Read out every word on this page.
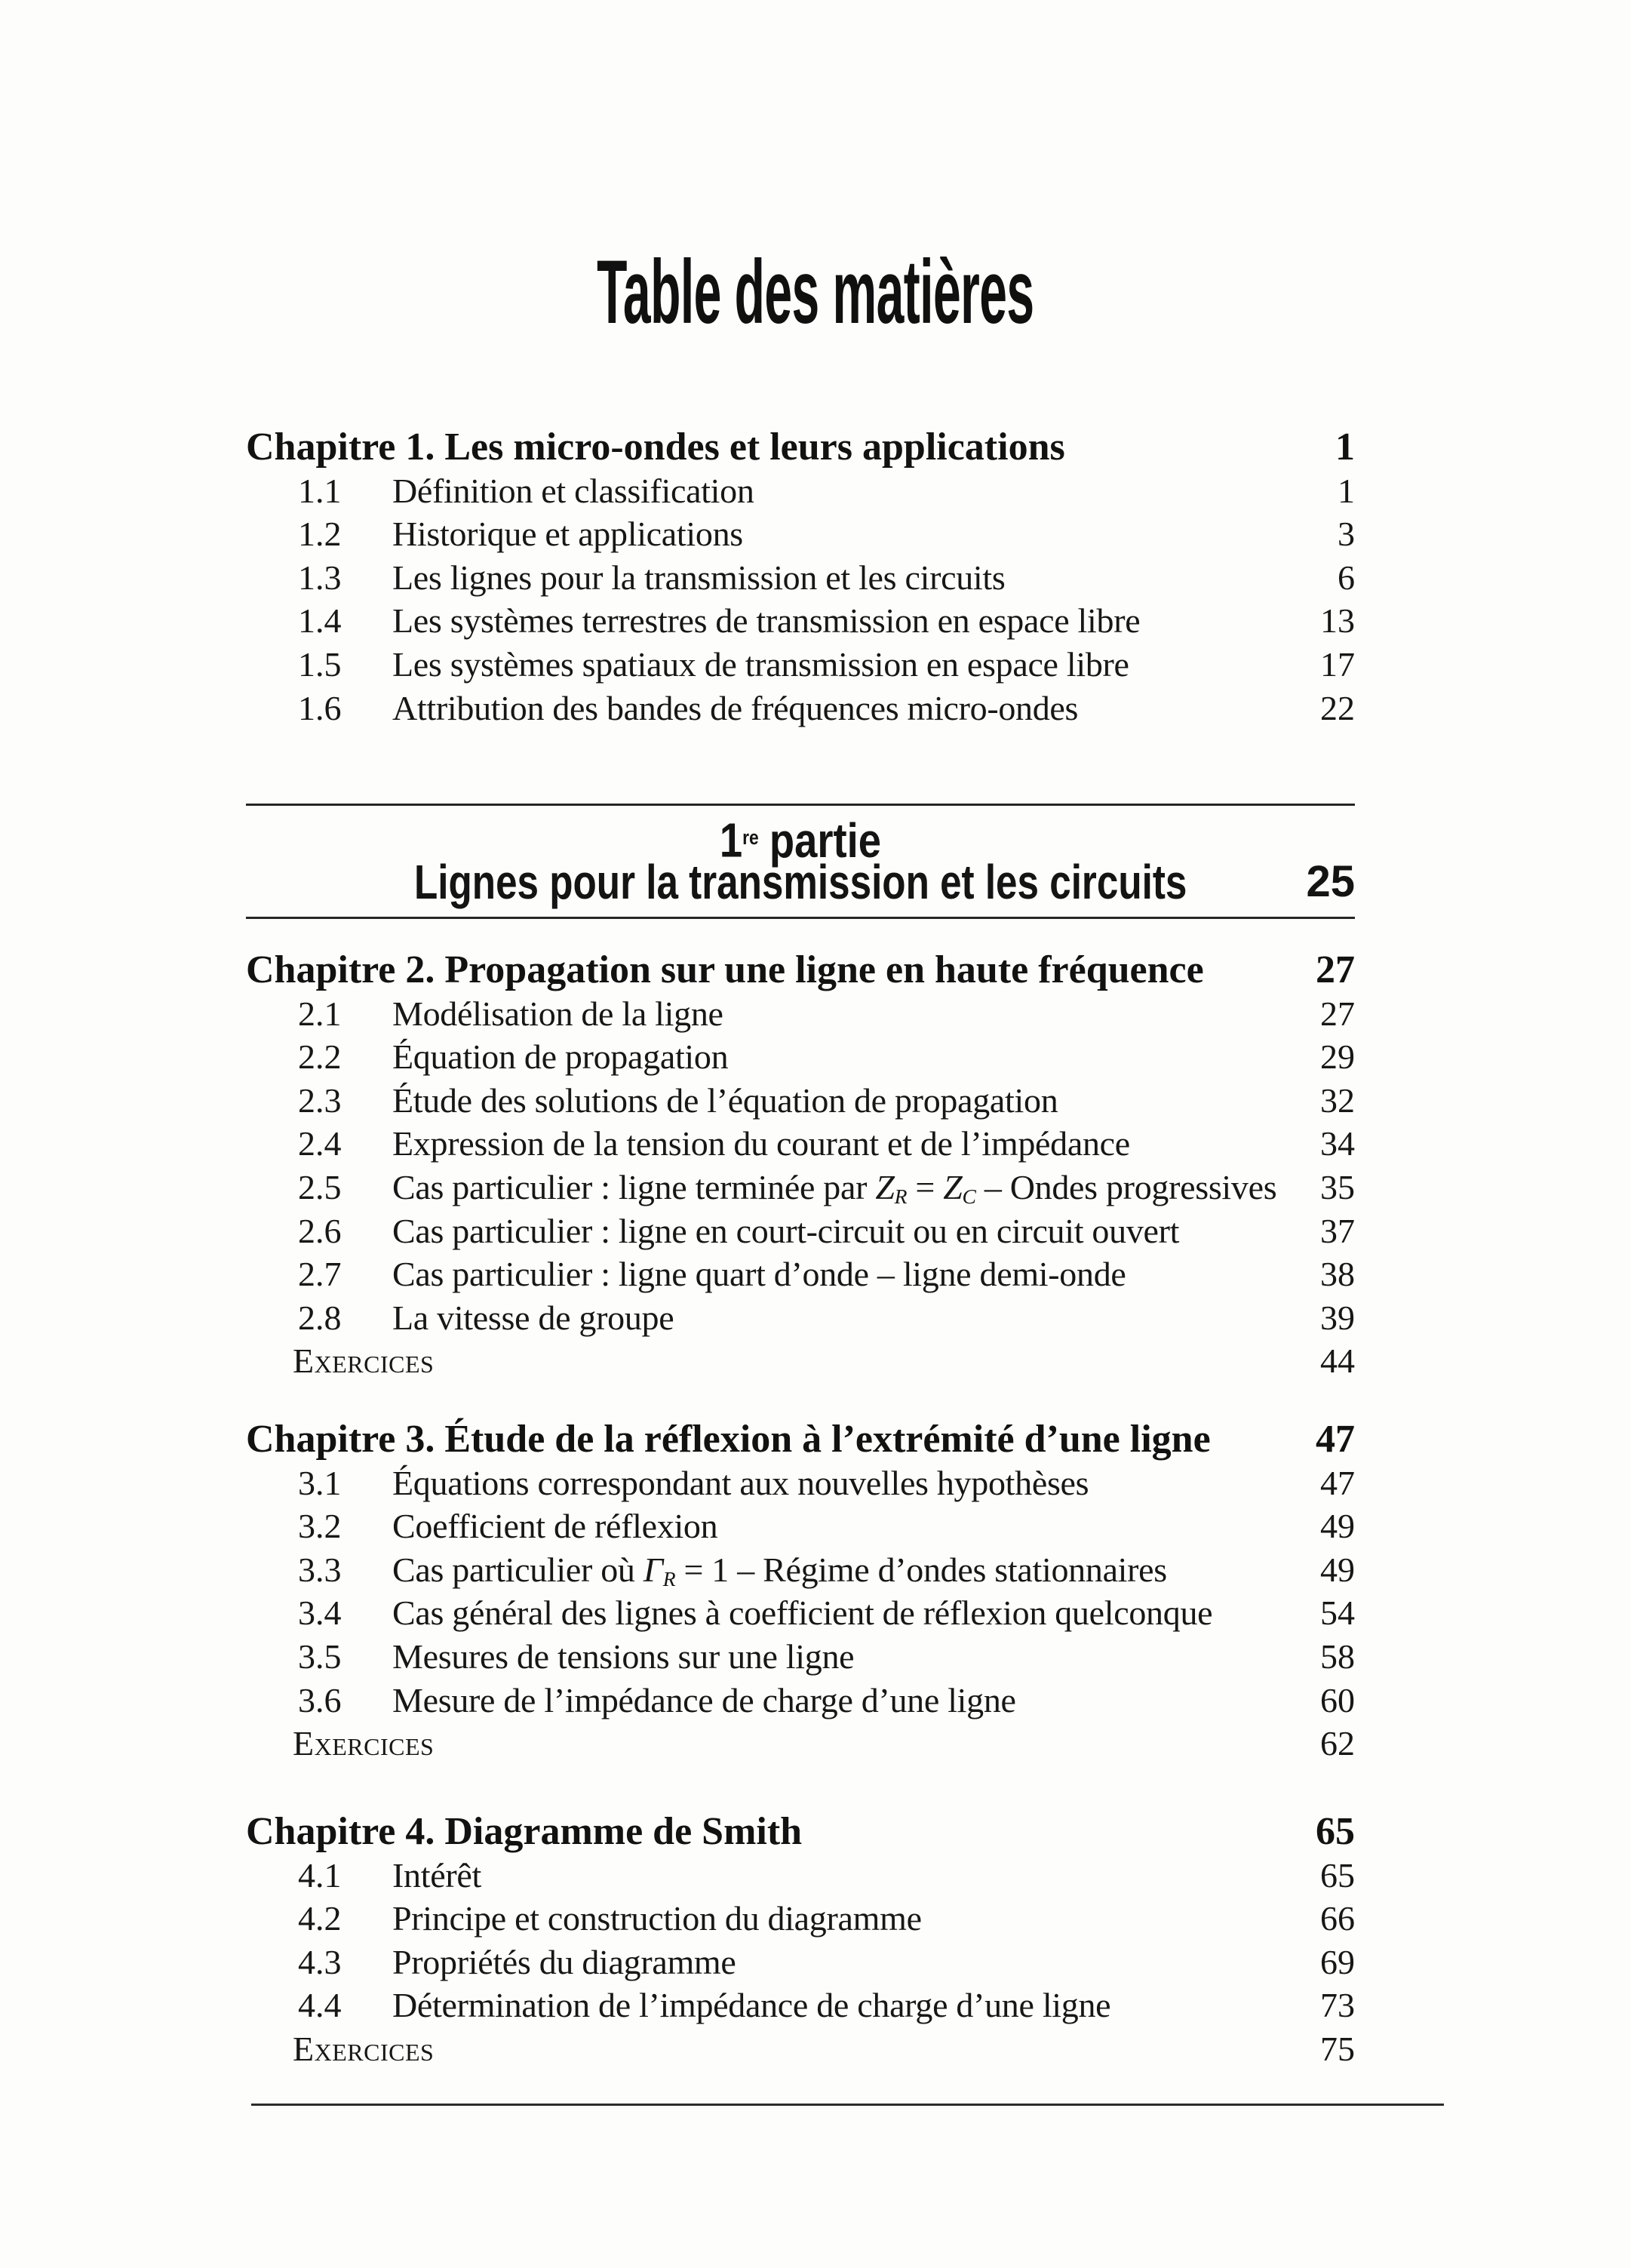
Table des matières
1re partie
Lignes pour la transmission et les circuits	25
Chapitre 1. Les micro-ondes et leurs applications	1
1.1 Définition et classification	1
1.2 Historique et applications	3
1.3 Les lignes pour la transmission et les circuits	6
1.4 Les systèmes terrestres de transmission en espace libre	13
1.5 Les systèmes spatiaux de transmission en espace libre	17
1.6 Attribution des bandes de fréquences micro-ondes	22
Chapitre 2. Propagation sur une ligne en haute fréquence	27
2.1 Modélisation de la ligne	27
2.2 Équation de propagation	29
2.3 Étude des solutions de l’équation de propagation	32
2.4 Expression de la tension du courant et de l’impédance	34
2.5 Cas particulier : ligne terminée par ZR = ZC – Ondes progressives 35
2.6 Cas particulier : ligne en court-circuit ou en circuit ouvert	37
2.7 Cas particulier : ligne quart d’onde – ligne demi-onde	38
2.8 La vitesse de groupe	39
Exercices	44
Chapitre 3. Étude de la réflexion à l’extrémité d’une ligne	47
3.1 Équations correspondant aux nouvelles hypothèses	47
3.2 Coefficient de réflexion	49
3.3 Cas particulier où ΓR = 1 – Régime d’ondes stationnaires	49
3.4 Cas général des lignes à coefficient de réflexion quelconque	54
3.5 Mesures de tensions sur une ligne	58
3.6 Mesure de l’impédance de charge d’une ligne	60
Exercices	62
Chapitre 4. Diagramme de Smith	65
4.1 Intérêt	65
4.2 Principe et construction du diagramme	66
4.3 Propriétés du diagramme	69
4.4 Détermination de l’impédance de charge d’une ligne	73
Exercices	75
